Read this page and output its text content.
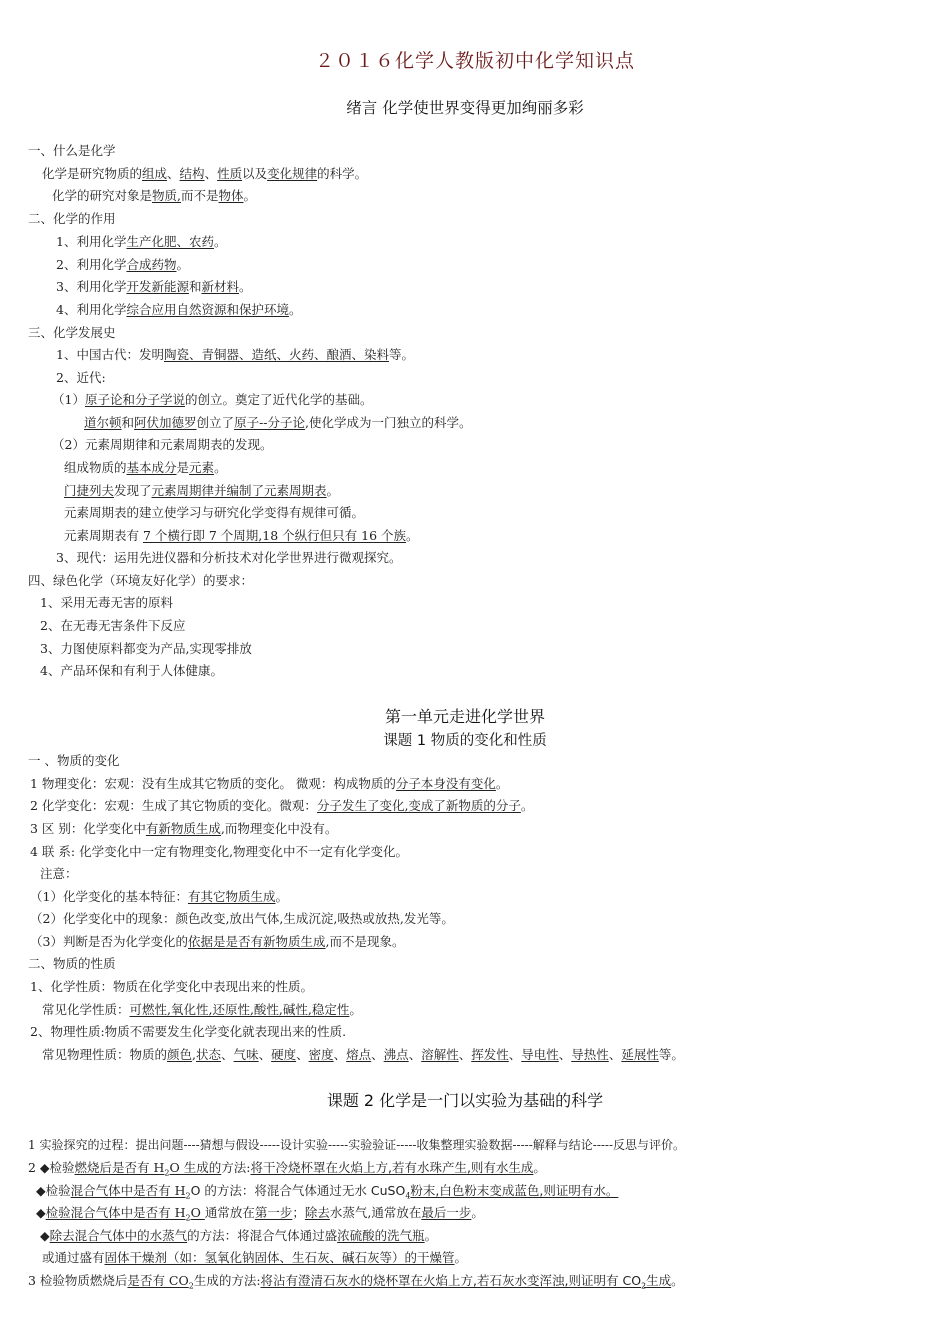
２０１６化学人教版初中化学知识点
绪言 化学使世界变得更加绚丽多彩
一、什么是化学
化学是研究物质的组成、结构、性质以及变化规律的科学。
化学的研究对象是物质,而不是物体。
二、化学的作用
1、利用化学生产化肥、农药。
2、利用化学合成药物。
3、利用化学开发新能源和新材料。
4、利用化学综合应用自然资源和保护环境。
三、化学发展史
1、中国古代：发明陶瓷、青铜器、造纸、火药、酿酒、染料等。
2、近代:
（1）原子论和分子学说的创立。奠定了近代化学的基础。
道尔顿和阿伏加德罗创立了原子--分子论,使化学成为一门独立的科学。
（2）元素周期律和元素周期表的发现。
组成物质的基本成分是元素。
门捷列夫发现了元素周期律并编制了元素周期表。
元素周期表的建立使学习与研究化学变得有规律可循。
元素周期表有 7 个横行即 7 个周期,18 个纵行但只有 16 个族。
3、现代：运用先进仪器和分析技术对化学世界进行微观探究。
四、绿色化学（环境友好化学）的要求：
1、采用无毒无害的原料
2、在无毒无害条件下反应
3、力图使原料都变为产品,实现零排放
4、产品环保和有利于人体健康。
第一单元走进化学世界
课题 1 物质的变化和性质
一 、物质的变化
1 物理变化：宏观：没有生成其它物质的变化。 微观：构成物质的分子本身没有变化。
2 化学变化：宏观：生成了其它物质的变化。微观：分子发生了变化,变成了新物质的分子。
3 区 别：化学变化中有新物质生成,而物理变化中没有。
4 联 系: 化学变化中一定有物理变化,物理变化中不一定有化学变化。
注意：
（1）化学变化的基本特征：有其它物质生成。
（2）化学变化中的现象：颜色改变,放出气体,生成沉淀,吸热或放热,发光等。
（3）判断是否为化学变化的依据是是否有新物质生成,而不是现象。
二、物质的性质
1、化学性质：物质在化学变化中表现出来的性质。
常见化学性质：可燃性,氧化性,还原性,酸性,碱性,稳定性。
2、物理性质:物质不需要发生化学变化就表现出来的性质.
常见物理性质：物质的颜色,状态、气味、硬度、密度、熔点、沸点、溶解性、挥发性、导电性、导热性、延展性等。
课题 2 化学是一门以实验为基础的科学
1 实验探究的过程：提出问题----猜想与假设-----设计实验-----实验验证-----收集整理实验数据-----解释与结论-----反思与评价。
2 ◆检验燃烧后是否有 $H_2O$ 生成的方法:将干冷烧杯罩在火焰上方,若有水珠产生,则有水生成。
◆检验混合气体中是否有 $H_2O$ 的方法：将混合气体通过无水 CuSO$_4$粉末,白色粉末变成蓝色,则证明有水。
◆检验混合气体中是否有 $H_2O$ 通常放在第一步；除去水蒸气,通常放在最后一步。
◆除去混合气体中的水蒸气的方法：将混合气体通过盛浓硫酸的洗气瓶。
或通过盛有固体干燥剂（如：氢氧化钠固体、生石灰、碱石灰等）的干燥管。
3 检验物质燃烧后是否有 $CO_2$生成的方法:将沾有澄清石灰水的烧杯罩在火焰上方,若石灰水变浑浊,则证明有 $CO_2$生成。
